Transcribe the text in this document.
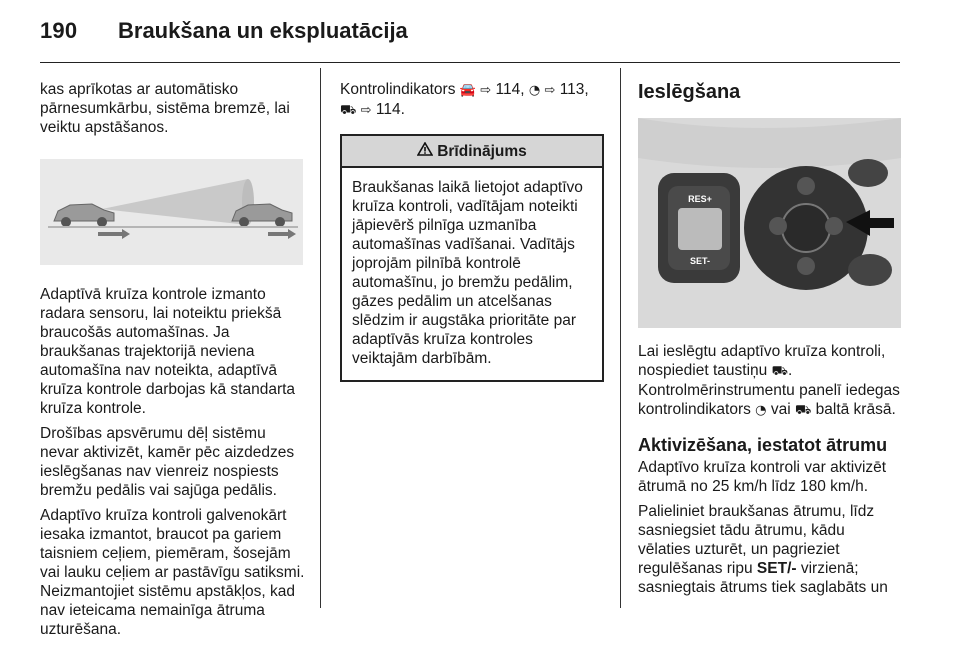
190 Braukšana un ekspluatācija

kas aprīkotas ar automātisko pārnesumkārbu, sistēma bremzē, lai veiktu apstāšanos.

Adaptīvā kruīza kontrole izmanto radara sensoru, lai noteiktu priekšā braucošās automašīnas. Ja braukšanas trajektorijā neviena automašīna nav noteikta, adaptīvā kruīza kontrole darbojas kā standarta kruīza kontrole.

Drošības apsvērumu dēļ sistēmu nevar aktivizēt, kamēr pēc aizdedzes ieslēgšanas nav vienreiz nospiests bremžu pedālis vai sajūga pedālis.

Adaptīvo kruīza kontroli galvenokārt iesaka izmantot, braucot pa gariem taisniem ceļiem, piemēram, šosejām vai lauku ceļiem ar pastāvīgu satiksmi. Neizmantojiet sistēmu apstākļos, kad nav ieteicama nemainīga ātruma uzturēšana.

Kontrolindikators 🚘 ⇨ 114, ◔ ⇨ 113,
⛟ ⇨ 114.

Brīdinājums
Braukšanas laikā lietojot adaptīvo kruīza kontroli, vadītājam noteikti jāpievērš pilnīga uzmanība automašīnas vadīšanai. Vadītājs joprojām pilnībā kontrolē automašīnu, jo bremžu pedālim, gāzes pedālim un atcelšanas slēdzim ir augstāka prioritāte par adaptīvās kruīza kontroles veiktajām darbībām.
Ieslēgšana
RES+
SET-

Lai ieslēgtu adaptīvo kruīza kontroli, nospiediet taustiņu ⛟. Kontrolmērinstrumentu panelī iedegas kontrolindikators ◔ vai ⛟ baltā krāsā.

Aktivizēšana, iestatot ātrumu

Adaptīvo kruīza kontroli var aktivizēt ātrumā no 25 km/h līdz 180 km/h.

Palieliniet braukšanas ātrumu, līdz sasniegsiet tādu ātrumu, kādu vēlaties uzturēt, un pagrieziet regulēšanas ripu SET/- virzienā; sasniegtais ātrums tiek saglabāts un
